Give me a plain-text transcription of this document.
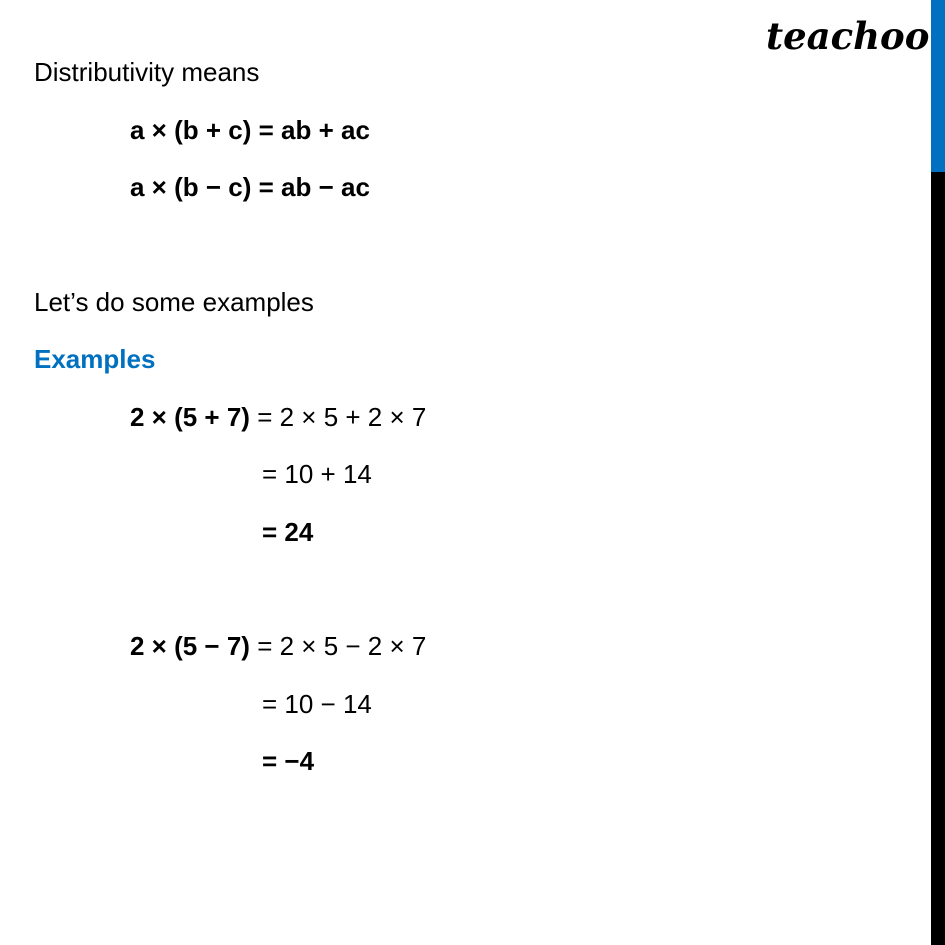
teachoo
Distributivity means
a × (b + c) = ab + ac
a × (b − c) = ab − ac
Let’s do some examples
Examples
2 × (5 + 7) = 2 × 5 + 2 × 7
= 10 + 14
= 24
2 × (5 − 7) = 2 × 5 − 2 × 7
= 10 − 14
= −4
